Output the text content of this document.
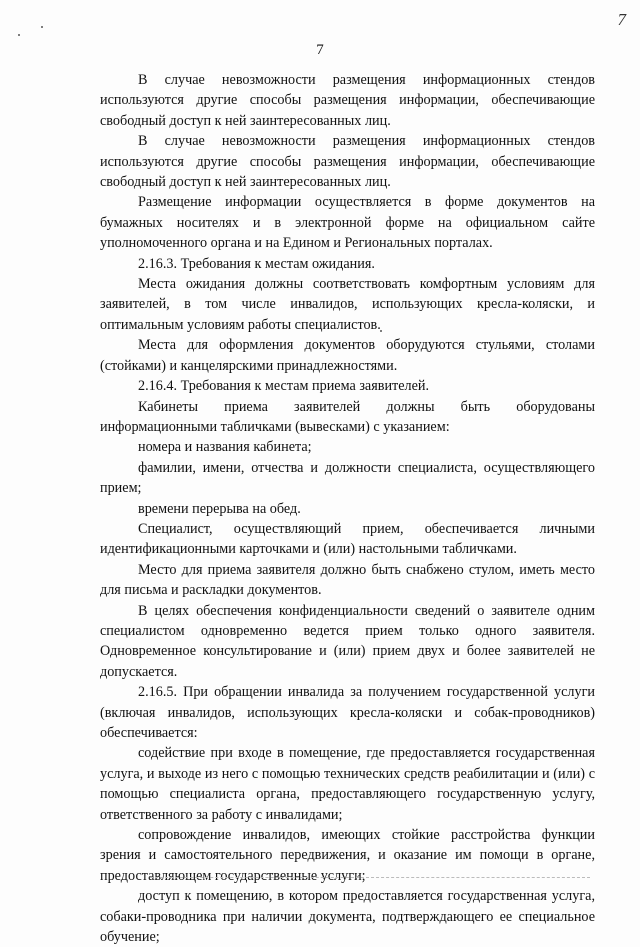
7
7

В случае невозможности размещения информационных стендов используются другие способы размещения информации, обеспечивающие свободный доступ к ней заинтересованных лиц.

В случае невозможности размещения информационных стендов используются другие способы размещения информации, обеспечивающие свободный доступ к ней заинтересованных лиц.

Размещение информации осуществляется в форме документов на бумажных носителях и в электронной форме на официальном сайте уполномоченного органа и на Едином и Региональных порталах.

2.16.3. Требования к местам ожидания.

Места ожидания должны соответствовать комфортным условиям для заявителей, в том числе инвалидов, использующих кресла-коляски, и оптимальным условиям работы специалистов.

Места для оформления документов оборудуются стульями, столами (стойками) и канцелярскими принадлежностями.

2.16.4. Требования к местам приема заявителей.

Кабинеты приема заявителей должны быть оборудованы информационными табличками (вывесками) с указанием:

номера и названия кабинета;

фамилии, имени, отчества и должности специалиста, осуществляющего прием;

времени перерыва на обед.

Специалист, осуществляющий прием, обеспечивается личными идентификационными карточками и (или) настольными табличками.

Место для приема заявителя должно быть снабжено стулом, иметь место для письма и раскладки документов.

В целях обеспечения конфиденциальности сведений о заявителе одним специалистом одновременно ведется прием только одного заявителя. Одновременное консультирование и (или) прием двух и более заявителей не допускается.

2.16.5. При обращении инвалида за получением государственной услуги (включая инвалидов, использующих кресла-коляски и собак-проводников) обеспечивается:

содействие при входе в помещение, где предоставляется государственная услуга, и выходе из него с помощью технических средств реабилитации и (или) с помощью специалиста органа, предоставляющего государственную услугу, ответственного за работу с инвалидами;

сопровождение инвалидов, имеющих стойкие расстройства функции зрения и самостоятельного передвижения, и оказание им помощи в органе, предоставляющем государственные услуги;

доступ к помещению, в котором предоставляется государственная услуга, собаки-проводника при наличии документа, подтверждающего ее специальное обучение;
